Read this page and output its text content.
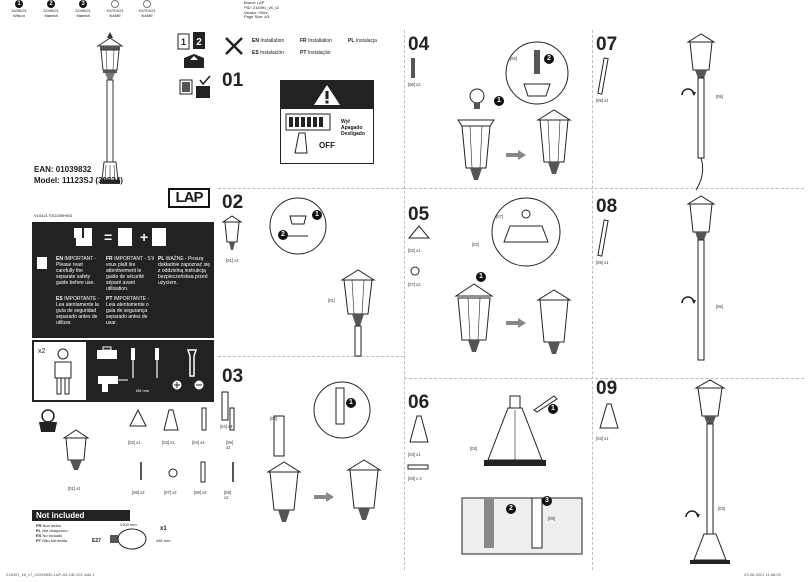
1
15/06/21
Wilson
2
22/06/21
Mariela
3
22/06/21
Mariela
XX/XX/21
NAME
XX/XX/21
NAME
Brand: LAP
PID: 218491_v6_v2
Vendor: Vitec
Page Size: A3
EAN: 01039832
Model: 11123SJ (30834)
LAP
V10421 SX2209H/B3
1 2
= +
EN IMPORTANT - Please read carefully the separate safety guide before use.
FR IMPORTANT - S'il vous plaît lire attentivement le guide de sécurité séparé avant utilisation.
PL WAŻNE - Proszę dokładnie zapoznać się z oddzielną instrukcją bezpieczeństwa przed użyciem.
ES IMPORTANTE - Lea atentamente la guía de seguridad separado antes de utilizar.
PT IMPORTANTE - Leia atentamente o guia de segurança separado antes de usar.
x2
Ø6 mm
[01] x1
[02] x1	[03] x1	[04] x4	[05] x2
[06] x2	[07] x2	[08] x2	[09] x2
Not included
FR Non inclus
PL Nie dołączono
ES No incluido
PT Não fornecida	E27
≤100 mm
≤65 mm
x1
EN Installation	FR Installation	PL Instalacja
ES Instalación	PT Instalação
01
OFF
Wył
Apagado
Desligado
02
[01] x1
1
2
[01]
03
[04] x4
1
[04]
04
[06] x2
1
[06]	2
05
[02] x1
[07] x2
[07]
[02]
1
06
[03] x1
[08] x 2
[03]
1
2
3
[08]
07
[05] x1
[05]
08
[05] x1
[05]
09
[03] x1
[03]
218491_v6_v7_01039832-LAP-A3-DB-V01.indd 1	23-06-2021 11:48:09
